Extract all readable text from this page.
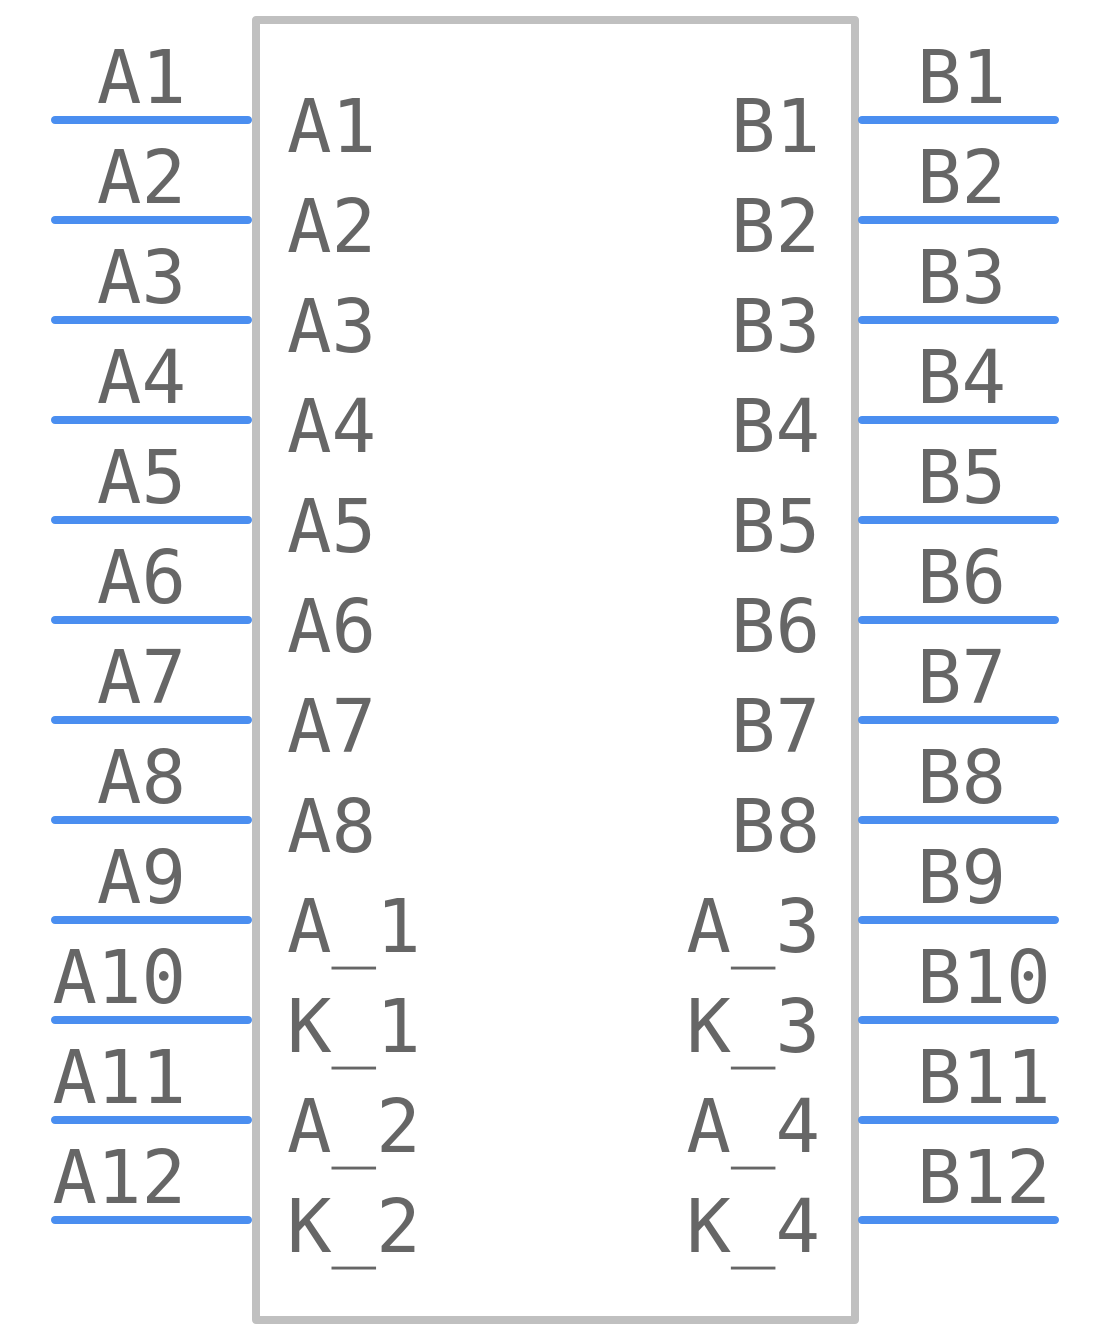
A1
A1
A2
A2
A3
A3
A4
A4
A5
A5
A6
A6
A7
A7
A8
A8
A9
A_1
A10
K_1
A11
A_2
A12
K_2
B1
B1
B2
B2
B3
B3
B4
B4
B5
B5
B6
B6
B7
B7
B8
B8
B9
A_3
B10
K_3
B11
A_4
B12
K_4
